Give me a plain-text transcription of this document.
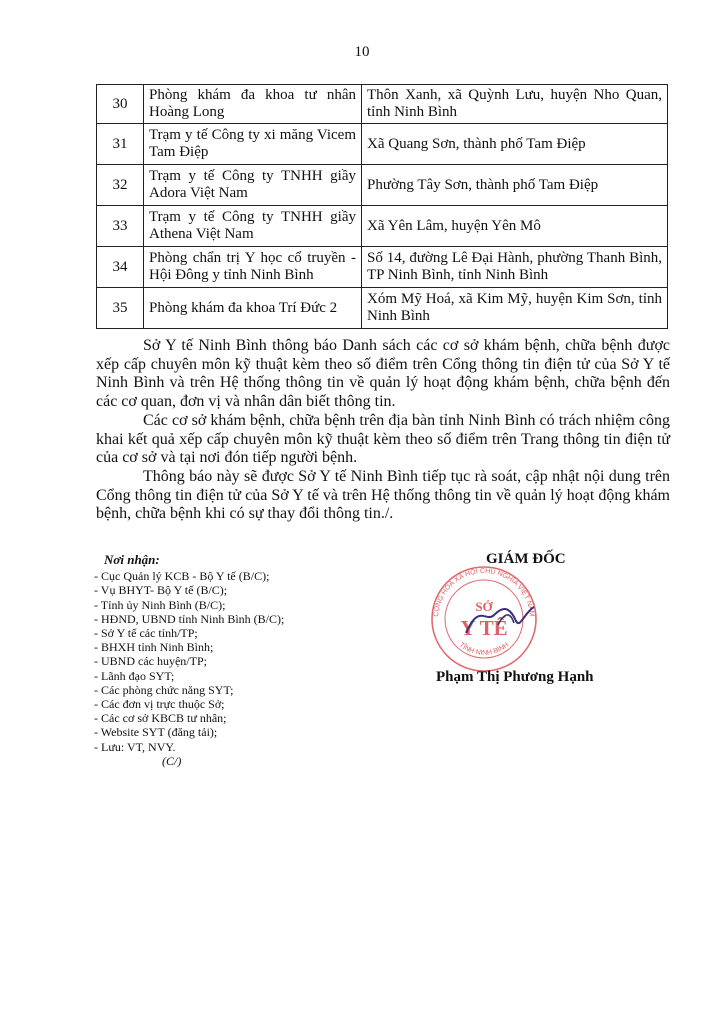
10
30	Phòng khám đa khoa tư nhân Hoàng Long	Thôn Xanh, xã Quỳnh Lưu, huyện Nho Quan, tỉnh Ninh Bình
31	Trạm y tế Công ty xi măng Vicem Tam Điệp	Xã Quang Sơn, thành phố Tam Điệp
32	Trạm y tế Công ty TNHH giầy Adora Việt Nam	Phường Tây Sơn, thành phố Tam Điệp
33	Trạm y tế Công ty TNHH giầy Athena Việt Nam	Xã Yên Lâm, huyện Yên Mô
34	Phòng chẩn trị Y học cổ truyền - Hội Đông y tỉnh Ninh Bình	Số 14, đường Lê Đại Hành, phường Thanh Bình, TP Ninh Bình, tỉnh Ninh Bình
35	Phòng khám đa khoa Trí Đức 2	Xóm Mỹ Hoá, xã Kim Mỹ, huyện Kim Sơn, tỉnh Ninh Bình

Sở Y tế Ninh Bình thông báo Danh sách các cơ sở khám bệnh, chữa bệnh được xếp cấp chuyên môn kỹ thuật kèm theo số điểm trên Cổng thông tin điện tử của Sở Y tế Ninh Bình và trên Hệ thống thông tin về quản lý hoạt động khám bệnh, chữa bệnh đến các cơ quan, đơn vị và nhân dân biết thông tin.

Các cơ sở khám bệnh, chữa bệnh trên địa bàn tỉnh Ninh Bình có trách nhiệm công khai kết quả xếp cấp chuyên môn kỹ thuật kèm theo số điểm trên Trang thông tin điện tử của cơ sở và tại nơi đón tiếp người bệnh.

Thông báo này sẽ được Sở Y tế Ninh Bình tiếp tục rà soát, cập nhật nội dung trên Cổng thông tin điện tử của Sở Y tế và trên Hệ thống thông tin về quản lý hoạt động khám bệnh, chữa bệnh khi có sự thay đổi thông tin./.

Nơi nhận:
- Cục Quản lý KCB - Bộ Y tế (B/C);
- Vụ BHYT- Bộ Y tế (B/C);
- Tỉnh ủy Ninh Bình (B/C);
- HĐND, UBND tỉnh Ninh Bình (B/C);
- Sở Y tế các tỉnh/TP;
- BHXH tỉnh Ninh Bình;
- UBND các huyện/TP;
- Lãnh đạo SYT;
- Các phòng chức năng SYT;
- Các đơn vị trực thuộc Sở;
- Các cơ sở KBCB tư nhân;
- Website SYT (đăng tải);
- Lưu: VT, NVY.
(C/)
GIÁM ĐỐC
CỘNG HOÀ XÃ HỘI CHỦ NGHĨA VIỆT NAM
TỈNH NINH BÌNH
SỞ
Y TẾ
Phạm Thị Phương Hạnh
